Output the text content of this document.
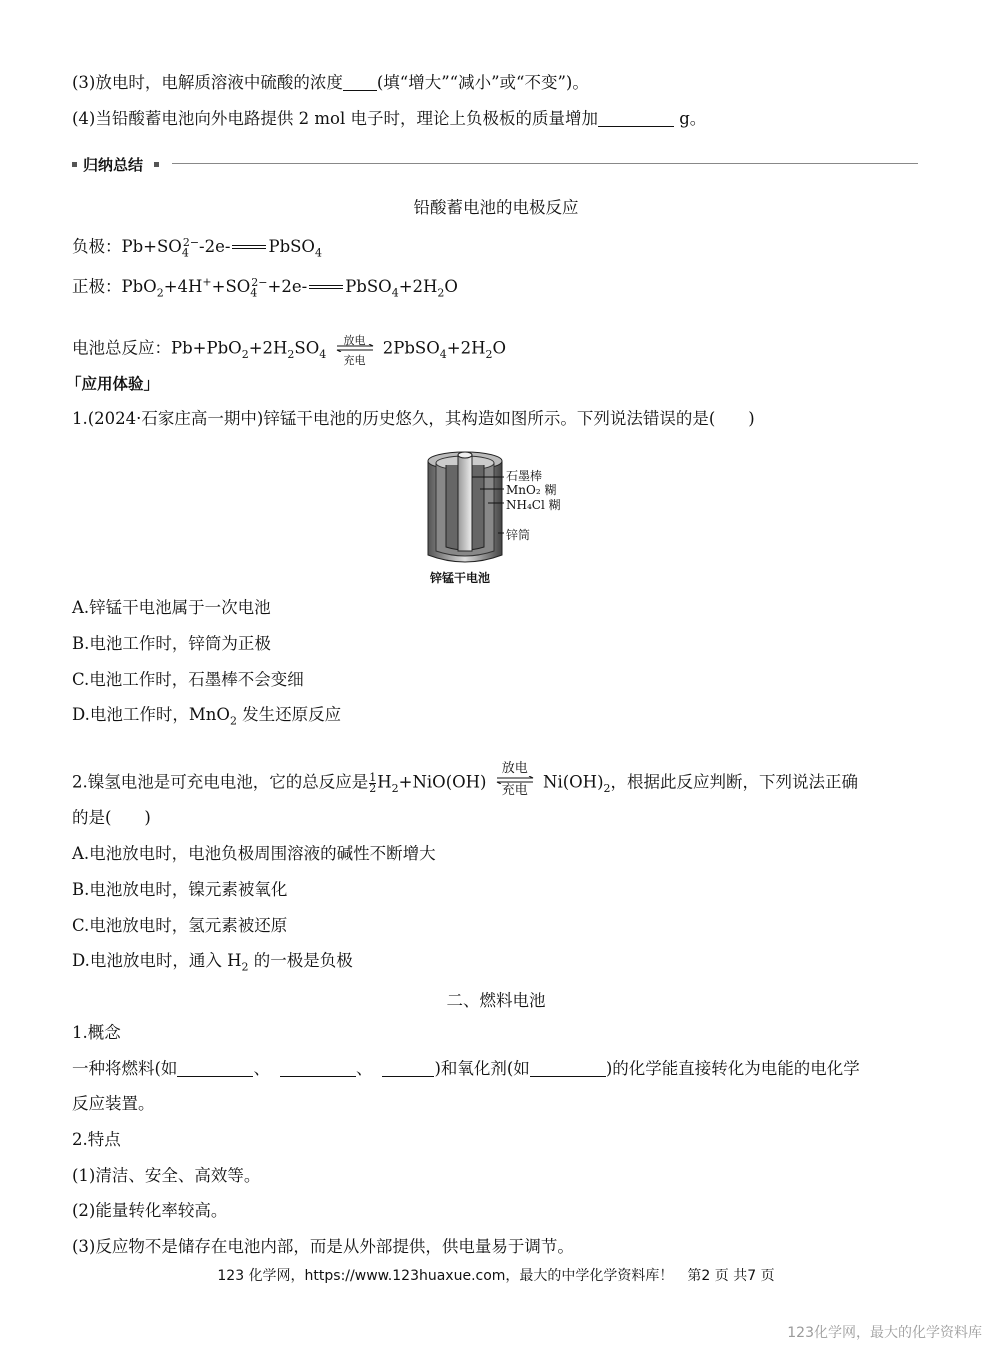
(3)放电时，电解质溶液中硫酸的浓度 (填“增大”“减小”或“不变”)。
(4)当铅酸蓄电池向外电路提供 2 mol 电子时，理论上负极板的质量增加	g。
归纳总结
铅酸蓄电池的电极反应
负极：$Pb+SO_4^{2-}-2e-$ PbSO$_4$
正极：$PbO_2+4H^++SO_4^{2-}+2e-$ $PbSO_4+2H_2O$
电池总反应：$Pb+PbO_2+2H_2SO_4$
放电
充电
$2PbSO_4+2H_2O$
「应用体验」
1.(2024·石家庄高一期中)锌锰干电池的历史悠久，其构造如图所示。下列说法错误的是(　　)
石墨棒
MnO₂ 糊
NH₄Cl 糊
锌筒
锌锰干电池
A.锌锰干电池属于一次电池
B.电池工作时，锌筒为正极
C.电池工作时，石墨棒不会变细
D.电池工作时，MnO$_2$ 发生还原反应
2.镍氢电池是可充电电池，它的总反应是 $\frac{1}{2} H_2+NiO(OH)$
放电
充电 $Ni(OH)_2$，根据此反应判断，下列说法正确
的是(　　)
A.电池放电时，电池负极周围溶液的碱性不断增大
B.电池放电时，镍元素被氧化
C.电池放电时，氢元素被还原
D.电池放电时，通入 $H_2$ 的一极是负极
二、燃料电池
1.概念
一种将燃料(如	、	、	)和氧化剂(如	)的化学能直接转化为电能的电化学
反应装置。
2.特点
(1)清洁、安全、高效等。
(2)能量转化率较高。
(3)反应物不是储存在电池内部，而是从外部提供，供电量易于调节。
123 化学网，https://www.123huaxue.com，最大的中学化学资料库！　第2 页 共7 页
123化学网，最大的化学资料库
